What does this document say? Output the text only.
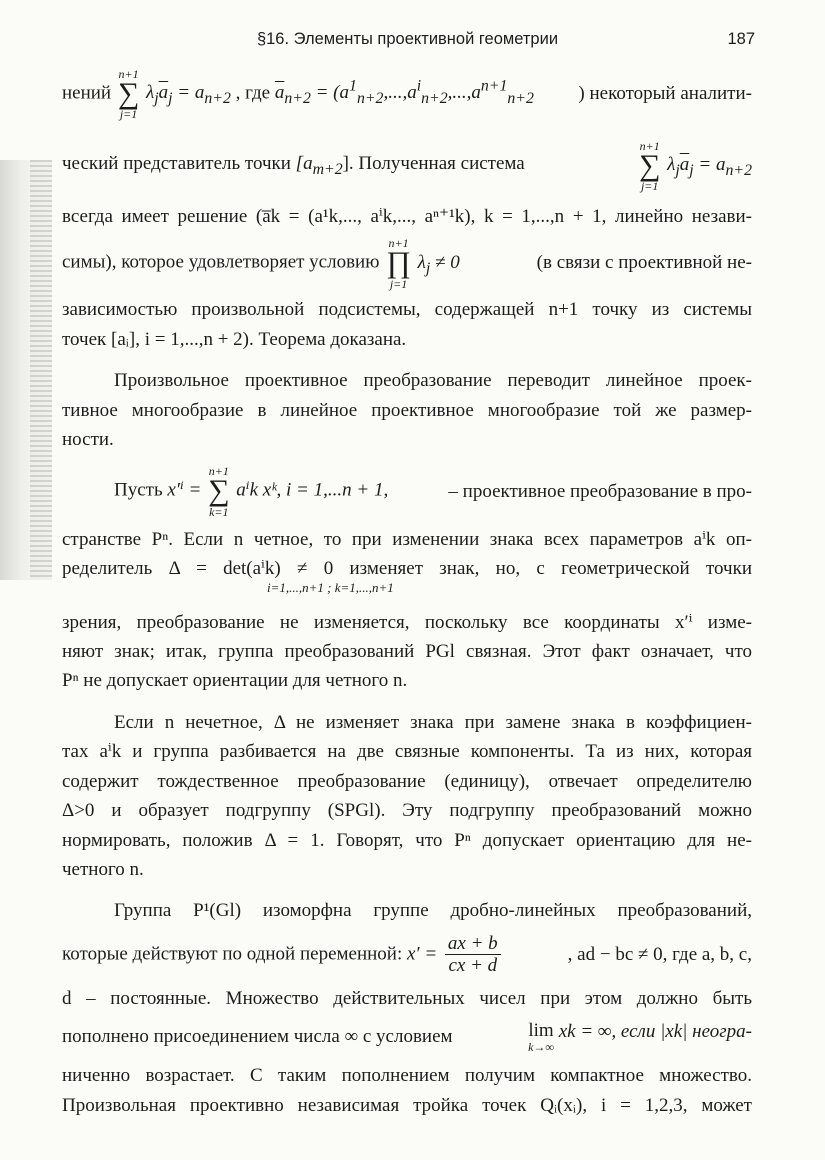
§16. Элементы проективной геометрии	187
нений
n+1
∑
j=1
$\lambda_j\overline{a}_j = a_{n+2}$ , где $\overline{a}_{n+2} = (a^1_{n+2},...,a^i_{n+2},...,a^{n+1}_{n+2}$ ) некоторый аналити-
ческий представитель точки $[a_{m+2}]$. Полученная система
n+1
∑
j=1
$\lambda_j\overline{a}_j = a_{n+2}$
всегда имеет решение (a̅k = (a¹k,..., aⁱk,..., aⁿ⁺¹k), k = 1,...,n + 1, линейно незави-
симы), которое удовлетворяет условию
n+1
∏
j=1
$\lambda_j \ne 0$	(в связи с проективной не-
зависимостью произвольной подсистемы, содержащей n+1 точку из системы
точек [aᵢ], i = 1,...,n + 2). Теорема доказана.
Произвольное проективное преобразование переводит линейное проек-
тивное многообразие в линейное проективное многообразие той же размер-
ности.
Пусть x′ⁱ =
n+1
∑
k=1
aⁱk xᵏ, i = 1,...n + 1,	– проективное преобразование в про-
странстве Pⁿ. Если n четное, то при изменении знака всех параметров aⁱk оп-
ределитель Δ = det(aⁱk) ≠ 0 изменяет знак, но, с геометрической точки
i=1,...,n+1 ; k=1,...,n+1
зрения, преобразование не изменяется, поскольку все координаты x′ⁱ изме-
няют знак; итак, группа преобразований PGl связная. Этот факт означает, что
Pⁿ не допускает ориентации для четного n.
Если n нечетное, Δ не изменяет знака при замене знака в коэффициен-
тах aⁱk и группа разбивается на две связные компоненты. Та из них, которая
содержит тождественное преобразование (единицу), отвечает определителю
Δ>0 и образует подгруппу (SPGl). Эту подгруппу преобразований можно
нормировать, положив Δ = 1. Говорят, что Pⁿ допускает ориентацию для не-
четного n.
Группа P¹(Gl) изоморфна группе дробно-линейных преобразований,
которые действуют по одной переменной: $x' = \frac{ax + b}{cx + d}$	, ad − bc ≠ 0, где a, b, c,
d – постоянные. Множество действительных чисел при этом должно быть
пополнено присоединением числа ∞ с условием	lim
k→∞
xk = ∞, если |xk| неогра-
ниченно возрастает. С таким пополнением получим компактное множество.
Произвольная проективно независимая тройка точек Qᵢ(xᵢ), i = 1,2,3, может
